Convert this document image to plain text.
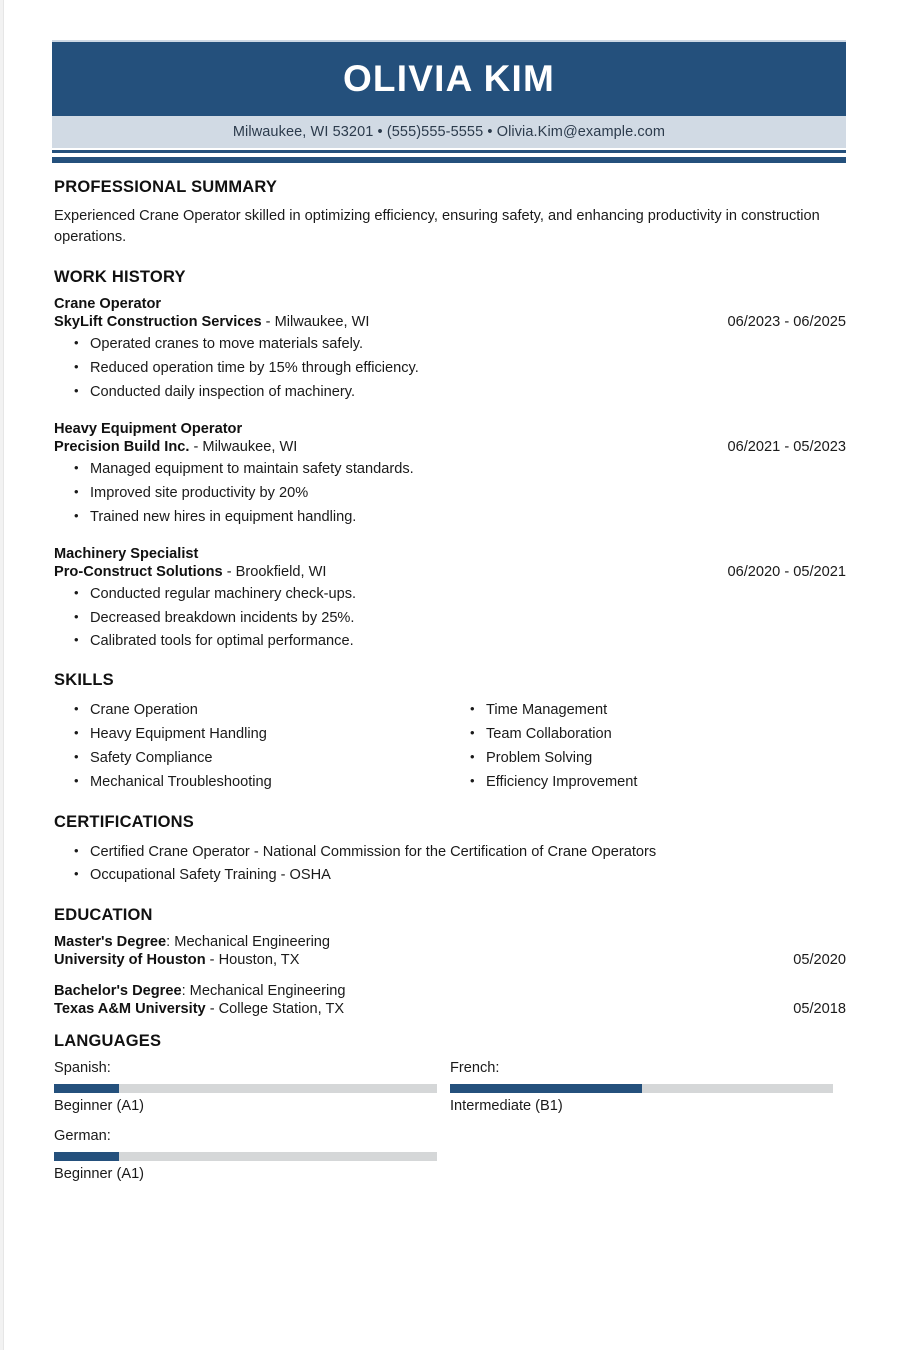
OLIVIA KIM
Milwaukee, WI 53201 • (555)555-5555 • Olivia.Kim@example.com
PROFESSIONAL SUMMARY

Experienced Crane Operator skilled in optimizing efficiency, ensuring safety, and enhancing productivity in construction operations.

WORK HISTORY
Crane Operator
SkyLift Construction Services - Milwaukee, WI	06/2023 - 06/2025
• Operated cranes to move materials safely.
• Reduced operation time by 15% through efficiency.
• Conducted daily inspection of machinery.
Heavy Equipment Operator
Precision Build Inc. - Milwaukee, WI	06/2021 - 05/2023
• Managed equipment to maintain safety standards.
• Improved site productivity by 20%
• Trained new hires in equipment handling.
Machinery Specialist
Pro-Construct Solutions - Brookfield, WI	06/2020 - 05/2021
• Conducted regular machinery check-ups.
• Decreased breakdown incidents by 25%.
• Calibrated tools for optimal performance.
SKILLS
• Crane Operation
• Heavy Equipment Handling
• Safety Compliance
• Mechanical Troubleshooting
• Time Management
• Team Collaboration
• Problem Solving
• Efficiency Improvement
CERTIFICATIONS
• Certified Crane Operator - National Commission for the Certification of Crane Operators
• Occupational Safety Training - OSHA
EDUCATION
Master's Degree: Mechanical Engineering
University of Houston - Houston, TX	05/2020
Bachelor's Degree: Mechanical Engineering
Texas A&M University - College Station, TX	05/2018
LANGUAGES
Spanish:
Beginner (A1)
French:
Intermediate (B1)
German:
Beginner (A1)
